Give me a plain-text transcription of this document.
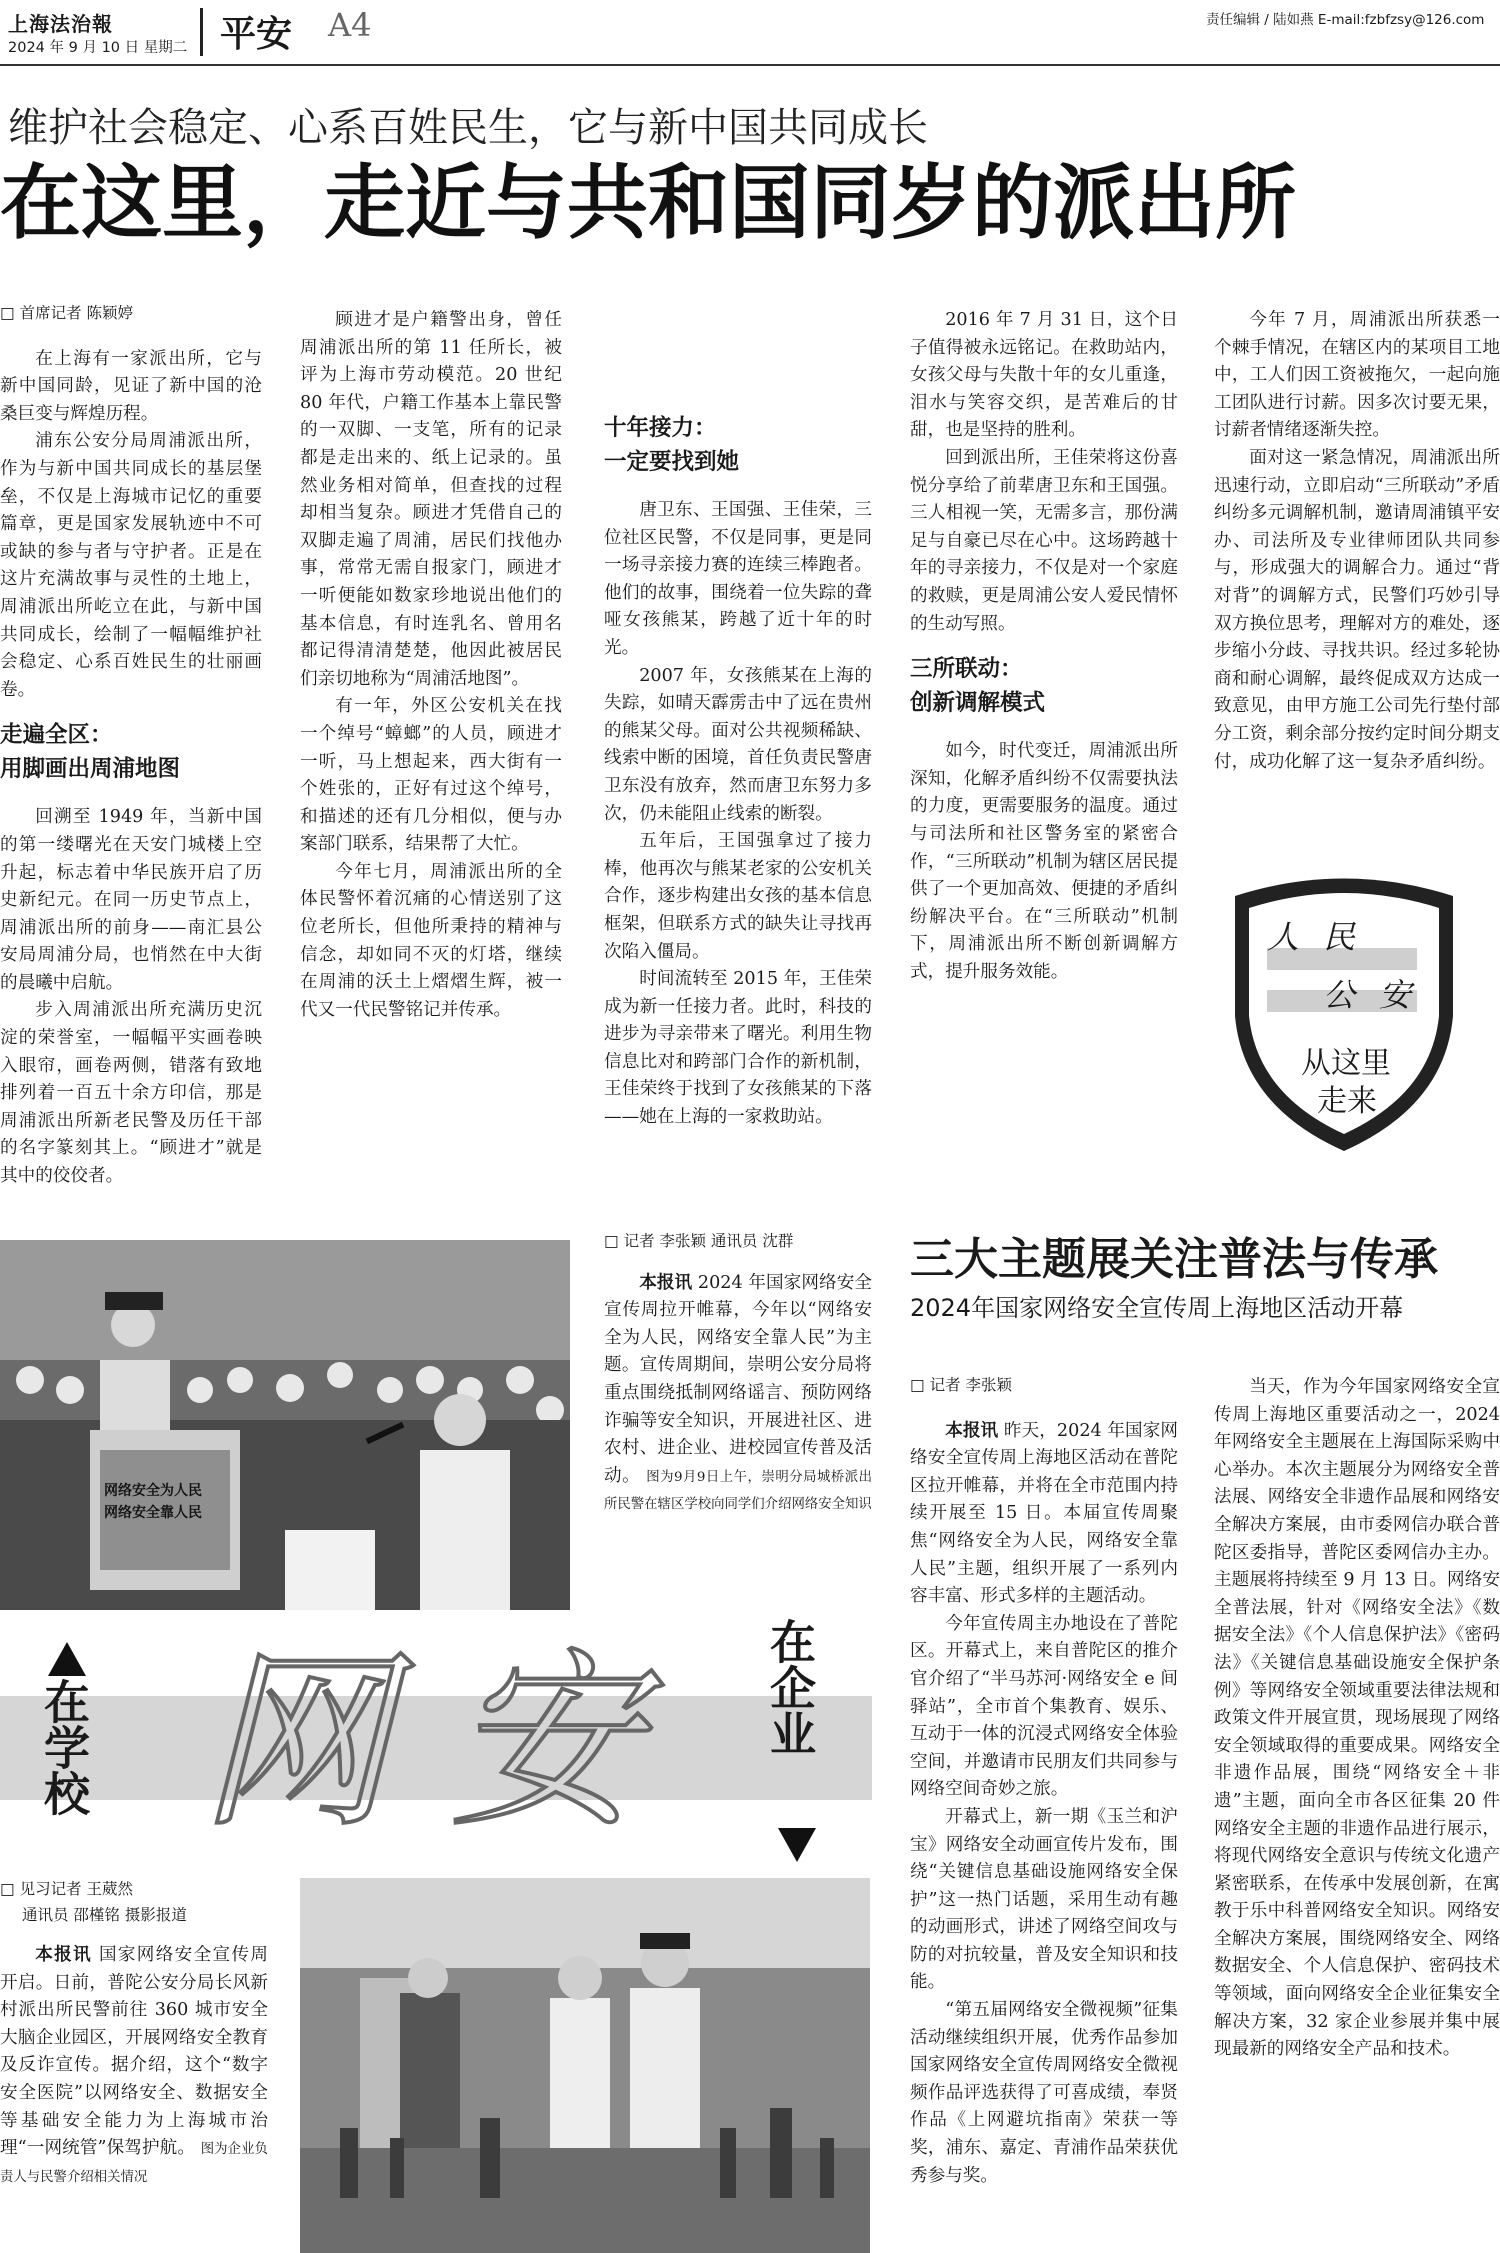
上海法治報
2024 年 9 月 10 日 星期二 平安 A4	责任编辑 / 陆如燕 E-mail:fzbfzsy@126.com
维护社会稳定、心系百姓民生，它与新中国共同成长
在这里，走近与共和国同岁的派出所
□ 首席记者 陈颖婷

在上海有一家派出所，它与新中国同龄，见证了新中国的沧桑巨变与辉煌历程。

浦东公安分局周浦派出所，作为与新中国共同成长的基层堡垒，不仅是上海城市记忆的重要篇章，更是国家发展轨迹中不可或缺的参与者与守护者。正是在这片充满故事与灵性的土地上，周浦派出所屹立在此，与新中国共同成长，绘制了一幅幅维护社会稳定、心系百姓民生的壮丽画卷。

走遍全区：
用脚画出周浦地图

回溯至 1949 年，当新中国的第一缕曙光在天安门城楼上空升起，标志着中华民族开启了历史新纪元。在同一历史节点上，周浦派出所的前身——南汇县公安局周浦分局，也悄然在中大街的晨曦中启航。

步入周浦派出所充满历史沉淀的荣誉室，一幅幅平实画卷映入眼帘，画卷两侧，错落有致地排列着一百五十余方印信，那是周浦派出所新老民警及历任干部的名字篆刻其上。“顾进才”就是其中的佼佼者。

顾进才是户籍警出身，曾任周浦派出所的第 11 任所长，被评为上海市劳动模范。20 世纪 80 年代，户籍工作基本上靠民警的一双脚、一支笔，所有的记录都是走出来的、纸上记录的。虽然业务相对简单，但查找的过程却相当复杂。顾进才凭借自己的双脚走遍了周浦，居民们找他办事，常常无需自报家门，顾进才一听便能如数家珍地说出他们的基本信息，有时连乳名、曾用名都记得清清楚楚，他因此被居民们亲切地称为“周浦活地图”。

有一年，外区公安机关在找一个绰号“蟑螂”的人员，顾进才一听，马上想起来，西大街有一个姓张的，正好有过这个绰号，和描述的还有几分相似，便与办案部门联系，结果帮了大忙。

今年七月，周浦派出所的全体民警怀着沉痛的心情送别了这位老所长，但他所秉持的精神与信念，却如同不灭的灯塔，继续在周浦的沃土上熠熠生辉，被一代又一代民警铭记并传承。

十年接力：
一定要找到她

唐卫东、王国强、王佳荣，三位社区民警，不仅是同事，更是同一场寻亲接力赛的连续三棒跑者。他们的故事，围绕着一位失踪的聋哑女孩熊某，跨越了近十年的时光。

2007 年，女孩熊某在上海的失踪，如晴天霹雳击中了远在贵州的熊某父母。面对公共视频稀缺、线索中断的困境，首任负责民警唐卫东没有放弃，然而唐卫东努力多次，仍未能阻止线索的断裂。

五年后，王国强拿过了接力棒，他再次与熊某老家的公安机关合作，逐步构建出女孩的基本信息框架，但联系方式的缺失让寻找再次陷入僵局。

时间流转至 2015 年，王佳荣成为新一任接力者。此时，科技的进步为寻亲带来了曙光。利用生物信息比对和跨部门合作的新机制，王佳荣终于找到了女孩熊某的下落——她在上海的一家救助站。

2016 年 7 月 31 日，这个日子值得被永远铭记。在救助站内，女孩父母与失散十年的女儿重逢，泪水与笑容交织，是苦难后的甘甜，也是坚持的胜利。

回到派出所，王佳荣将这份喜悦分享给了前辈唐卫东和王国强。三人相视一笑，无需多言，那份满足与自豪已尽在心中。这场跨越十年的寻亲接力，不仅是对一个家庭的救赎，更是周浦公安人爱民情怀的生动写照。

三所联动：
创新调解模式

如今，时代变迁，周浦派出所深知，化解矛盾纠纷不仅需要执法的力度，更需要服务的温度。通过与司法所和社区警务室的紧密合作，“三所联动”机制为辖区居民提供了一个更加高效、便捷的矛盾纠纷解决平台。在“三所联动”机制下，周浦派出所不断创新调解方式，提升服务效能。

今年 7 月，周浦派出所获悉一个棘手情况，在辖区内的某项目工地中，工人们因工资被拖欠，一起向施工团队进行讨薪。因多次讨要无果，讨薪者情绪逐渐失控。

面对这一紧急情况，周浦派出所迅速行动，立即启动“三所联动”矛盾纠纷多元调解机制，邀请周浦镇平安办、司法所及专业律师团队共同参与，形成强大的调解合力。通过“背对背”的调解方式，民警们巧妙引导双方换位思考，理解对方的难处，逐步缩小分歧、寻找共识。经过多轮协商和耐心调解，最终促成双方达成一致意见，由甲方施工公司先行垫付部分工资，剩余部分按约定时间分期支付，成功化解了这一复杂矛盾纠纷。

人民
公安
从这里
走来
网络安全为人民
网络安全靠人民
□ 记者 李张颖 通讯员 沈群

本报讯 2024 年国家网络安全宣传周拉开帷幕，今年以“网络安全为人民，网络安全靠人民”为主题。宣传周期间，崇明公安分局将重点围绕抵制网络谣言、预防网络诈骗等安全知识，开展进社区、进农村、进企业、进校园宣传普及活动。 图为9月9日上午，崇明分局城桥派出所民警在辖区学校向同学们介绍网络安全知识

在学校 网 安	在企业
□ 见习记者 王葳然
通讯员 邵槿铭 摄影报道

本报讯 国家网络安全宣传周开启。日前，普陀公安分局长风新村派出所民警前往 360 城市安全大脑企业园区，开展网络安全教育及反诈宣传。据介绍，这个“数字安全医院”以网络安全、数据安全等基础安全能力为上海城市治理“一网统管”保驾护航。 图为企业负责人与民警介绍相关情况

三大主题展关注普法与传承
2024年国家网络安全宣传周上海地区活动开幕
□ 记者 李张颖

本报讯 昨天，2024 年国家网络安全宣传周上海地区活动在普陀区拉开帷幕，并将在全市范围内持续开展至 15 日。本届宣传周聚焦“网络安全为人民，网络安全靠人民”主题，组织开展了一系列内容丰富、形式多样的主题活动。

今年宣传周主办地设在了普陀区。开幕式上，来自普陀区的推介官介绍了“半马苏河·网络安全 e 间驿站”，全市首个集教育、娱乐、互动于一体的沉浸式网络安全体验空间，并邀请市民朋友们共同参与网络空间奇妙之旅。

开幕式上，新一期《玉兰和沪宝》网络安全动画宣传片发布，围绕“关键信息基础设施网络安全保护”这一热门话题，采用生动有趣的动画形式，讲述了网络空间攻与防的对抗较量，普及安全知识和技能。

“第五届网络安全微视频”征集活动继续组织开展，优秀作品参加国家网络安全宣传周网络安全微视频作品评选获得了可喜成绩，奉贤作品《上网避坑指南》荣获一等奖，浦东、嘉定、青浦作品荣获优秀参与奖。

当天，作为今年国家网络安全宣传周上海地区重要活动之一，2024 年网络安全主题展在上海国际采购中心举办。本次主题展分为网络安全普法展、网络安全非遗作品展和网络安全解决方案展，由市委网信办联合普陀区委指导，普陀区委网信办主办。主题展将持续至 9 月 13 日。网络安全普法展，针对《网络安全法》《数据安全法》《个人信息保护法》《密码法》《关键信息基础设施安全保护条例》等网络安全领域重要法律法规和政策文件开展宣贯，现场展现了网络安全领域取得的重要成果。网络安全非遗作品展，围绕“网络安全＋非遗”主题，面向全市各区征集 20 件网络安全主题的非遗作品进行展示，将现代网络安全意识与传统文化遗产紧密联系，在传承中发展创新，在寓教于乐中科普网络安全知识。网络安全解决方案展，围绕网络安全、网络数据安全、个人信息保护、密码技术等领域，面向网络安全企业征集安全解决方案，32 家企业参展并集中展现最新的网络安全产品和技术。
